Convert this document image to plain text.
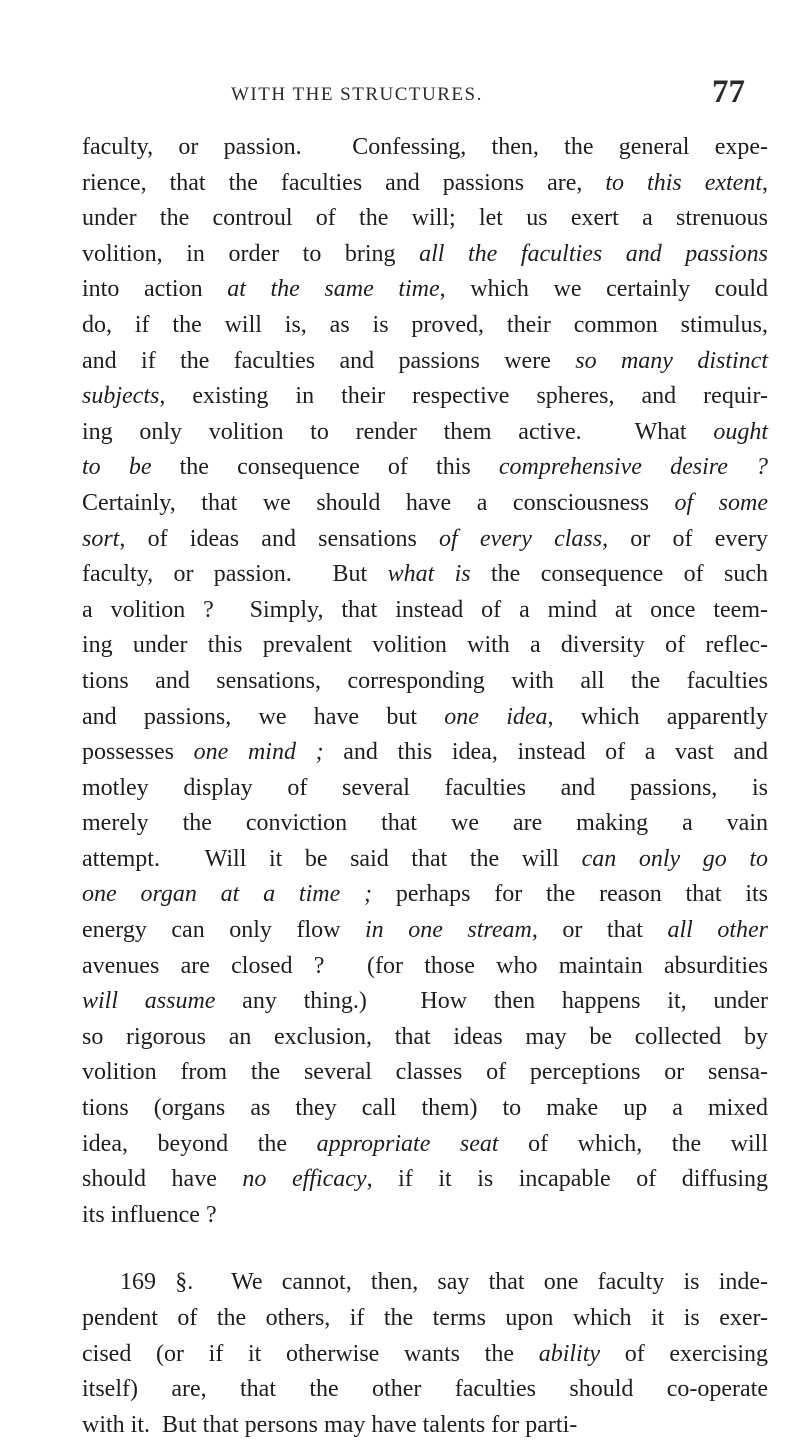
WITH THE STRUCTURES.	77
faculty, or passion.  Confessing, then, the general expe-
rience, that the faculties and passions are, to this extent,
under the controul of the will; let us exert a strenuous
volition, in order to bring all the faculties and passions
into action at the same time, which we certainly could
do, if the will is, as is proved, their common stimulus,
and if the faculties and passions were so many distinct
subjects, existing in their respective spheres, and requir-
ing only volition to render them active.  What ought
to be the consequence of this comprehensive desire ?
Certainly, that we should have a consciousness of some
sort, of ideas and sensations of every class, or of every
faculty, or passion.  But what is the consequence of such
a volition ?  Simply, that instead of a mind at once teem-
ing under this prevalent volition with a diversity of reflec-
tions and sensations, corresponding with all the faculties
and passions, we have but one idea, which apparently
possesses one mind ; and this idea, instead of a vast and
motley display of several faculties and passions, is
merely the conviction that we are making a vain
attempt.  Will it be said that the will can only go to
one organ at a time ; perhaps for the reason that its
energy can only flow in one stream, or that all other
avenues are closed ?  (for those who maintain absurdities
will assume any thing.)  How then happens it, under
so rigorous an exclusion, that ideas may be collected by
volition from the several classes of perceptions or sensa-
tions (organs as they call them) to make up a mixed
idea, beyond the appropriate seat of which, the will
should have no efficacy, if it is incapable of diffusing
its influence ?
169 §.  We cannot, then, say that one faculty is inde-
pendent of the others, if the terms upon which it is exer-
cised (or if it otherwise wants the ability of exercising
itself) are, that the other faculties should co-operate
with it.  But that persons may have talents for parti-
